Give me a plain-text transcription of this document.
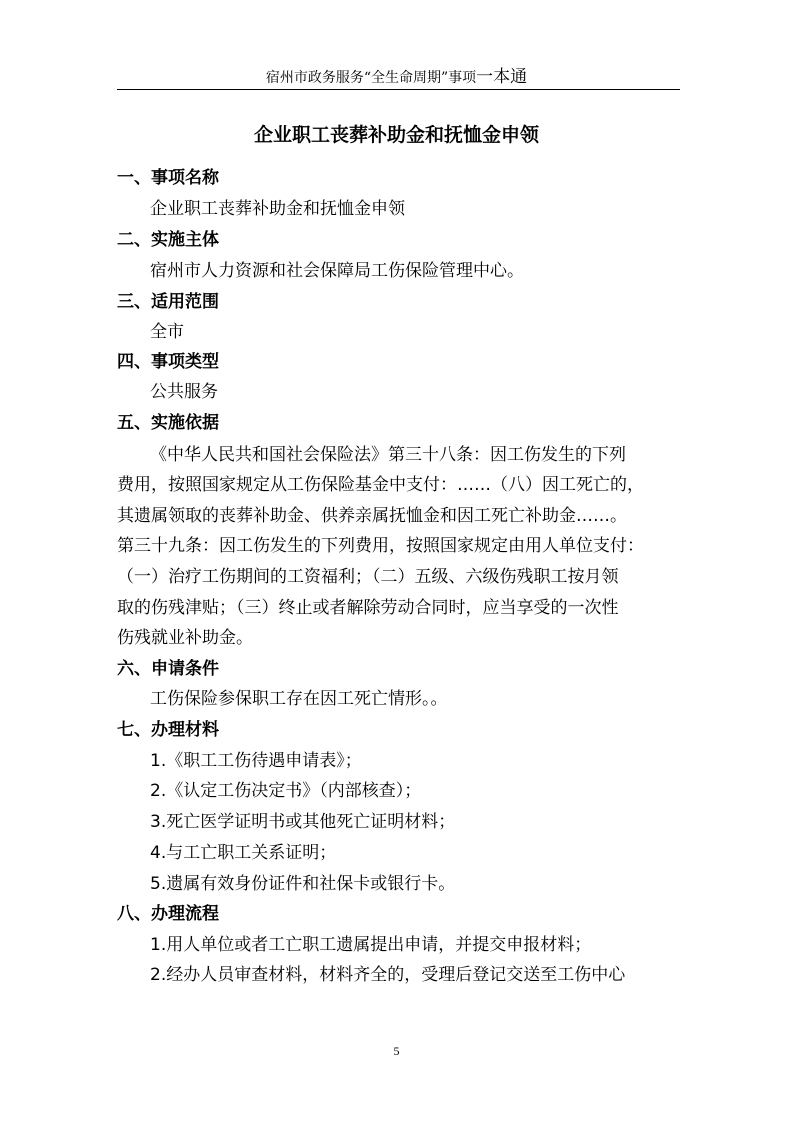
宿州市政务服务“全生命周期”事项一本通
企业职工丧葬补助金和抚恤金申领
一、事项名称
企业职工丧葬补助金和抚恤金申领
二、实施主体
宿州市人力资源和社会保障局工伤保险管理中心。
三、适用范围
全市
四、事项类型
公共服务
五、实施依据
《中华人民共和国社会保险法》第三十八条：因工伤发生的下列
费用，按照国家规定从工伤保险基金中支付：……（八）因工死亡的，
其遗属领取的丧葬补助金、供养亲属抚恤金和因工死亡补助金……。
第三十九条：因工伤发生的下列费用，按照国家规定由用人单位支付：
（一）治疗工伤期间的工资福利；（二）五级、六级伤残职工按月领
取的伤残津贴；（三）终止或者解除劳动合同时，应当享受的一次性
伤残就业补助金。
六、申请条件
工伤保险参保职工存在因工死亡情形。。
七、办理材料
1.《职工工伤待遇申请表》；
2.《认定工伤决定书》（内部核查）；
3.死亡医学证明书或其他死亡证明材料；
4.与工亡职工关系证明；
5.遗属有效身份证件和社保卡或银行卡。
八、办理流程
1.用人单位或者工亡职工遗属提出申请，并提交申报材料；
2.经办人员审查材料，材料齐全的，受理后登记交送至工伤中心
5
